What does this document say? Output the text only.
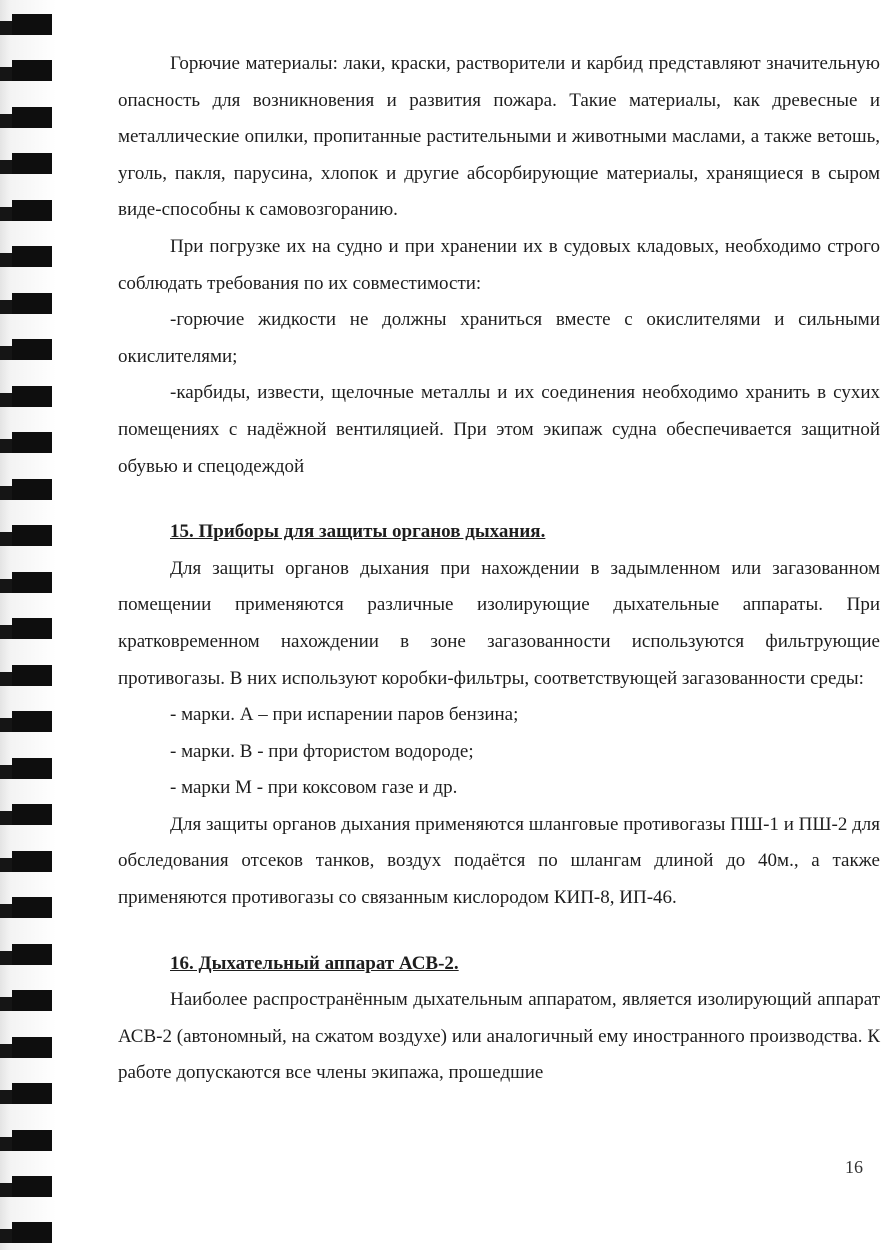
Горючие материалы: лаки, краски, растворители и карбид представляют значительную опасность для возникновения и развития пожара. Такие материалы, как древесные и металлические опилки, пропитанные растительными и животными маслами, а также ветошь, уголь, пакля, парусина, хлопок и другие абсорбирующие материалы, хранящиеся в сыром виде-способны к самовозгоранию.

При погрузке их на судно и при хранении их в судовых кладовых, необходимо строго соблюдать требования по их совместимости:

-горючие жидкости не должны храниться вместе с окислителями и сильными окислителями;

-карбиды, извести, щелочные металлы и их соединения необходимо хранить в сухих помещениях с надёжной вентиляцией. При этом экипаж судна обеспечивается защитной обувью и спецодеждой

15. Приборы для защиты органов дыхания.

Для защиты органов дыхания при нахождении в задымленном или загазованном помещении применяются различные изолирующие дыхательные аппараты. При кратковременном нахождении в зоне загазованности используются фильтрующие противогазы. В них используют коробки-фильтры, соответствующей загазованности среды:

- марки. А – при испарении паров бензина;

- марки. В - при фтористом водороде;

- марки М - при коксовом газе и др.

Для защиты органов дыхания применяются шланговые противогазы ПШ-1 и ПШ-2 для обследования отсеков танков, воздух подаётся по шлангам длиной до 40м., а также применяются противогазы со связанным кислородом КИП-8, ИП-46.

16. Дыхательный аппарат АСВ-2.

Наиболее распространённым дыхательным аппаратом, является изолирующий аппарат АСВ-2 (автономный, на сжатом воздухе) или аналогичный ему иностранного производства. К работе допускаются все члены экипажа, прошедшие

16
